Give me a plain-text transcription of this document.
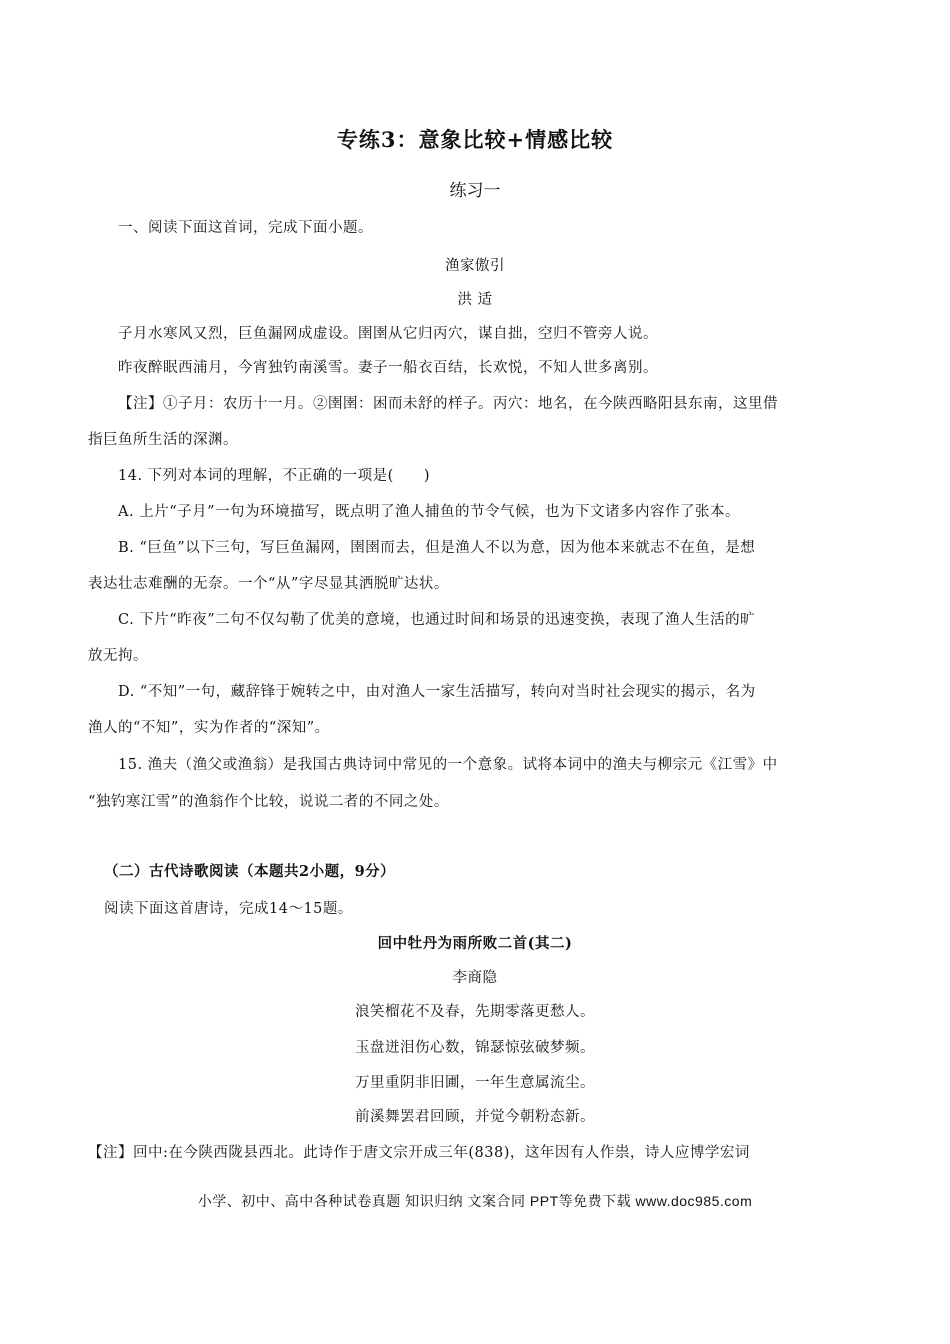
专练3：意象比较+情感比较
练习一
一、阅读下面这首词，完成下面小题。
渔家傲引
洪 适
子月水寒风又烈，巨鱼漏网成虚设。圉圉从它归丙穴，谋自拙，空归不管旁人说。
昨夜醉眠西浦月，今宵独钓南溪雪。妻子一船衣百结，长欢悦，不知人世多离别。
【注】①子月：农历十一月。②圉圉：困而未舒的样子。丙穴：地名，在今陕西略阳县东南，这里借
指巨鱼所生活的深渊。
14. 下列对本词的理解，不正确的一项是(　　)
A. 上片“子月”一句为环境描写，既点明了渔人捕鱼的节令气候，也为下文诸多内容作了张本。
B. “巨鱼”以下三句，写巨鱼漏网，圉圉而去，但是渔人不以为意，因为他本来就志不在鱼，是想
表达壮志难酬的无奈。一个“从”字尽显其洒脱旷达状。
C. 下片“昨夜”二句不仅勾勒了优美的意境，也通过时间和场景的迅速变换，表现了渔人生活的旷
放无拘。
D. “不知”一句，藏辞锋于婉转之中，由对渔人一家生活描写，转向对当时社会现实的揭示，名为
渔人的“不知”，实为作者的“深知”。
15. 渔夫（渔父或渔翁）是我国古典诗词中常见的一个意象。试将本词中的渔夫与柳宗元《江雪》中
“独钓寒江雪”的渔翁作个比较，说说二者的不同之处。
（二）古代诗歌阅读（本题共2小题，9分）
阅读下面这首唐诗，完成14～15题。
回中牡丹为雨所败二首(其二)
李商隐
浪笑榴花不及春，先期零落更愁人。
玉盘迸泪伤心数，锦瑟惊弦破梦频。
万里重阴非旧圃，一年生意属流尘。
前溪舞罢君回顾，并觉今朝粉态新。
【注】回中:在今陕西陇县西北。此诗作于唐文宗开成三年(838)，这年因有人作祟，诗人应博学宏词
小学、初中、高中各种试卷真题 知识归纳 文案合同 PPT等免费下载 www.doc985.com
